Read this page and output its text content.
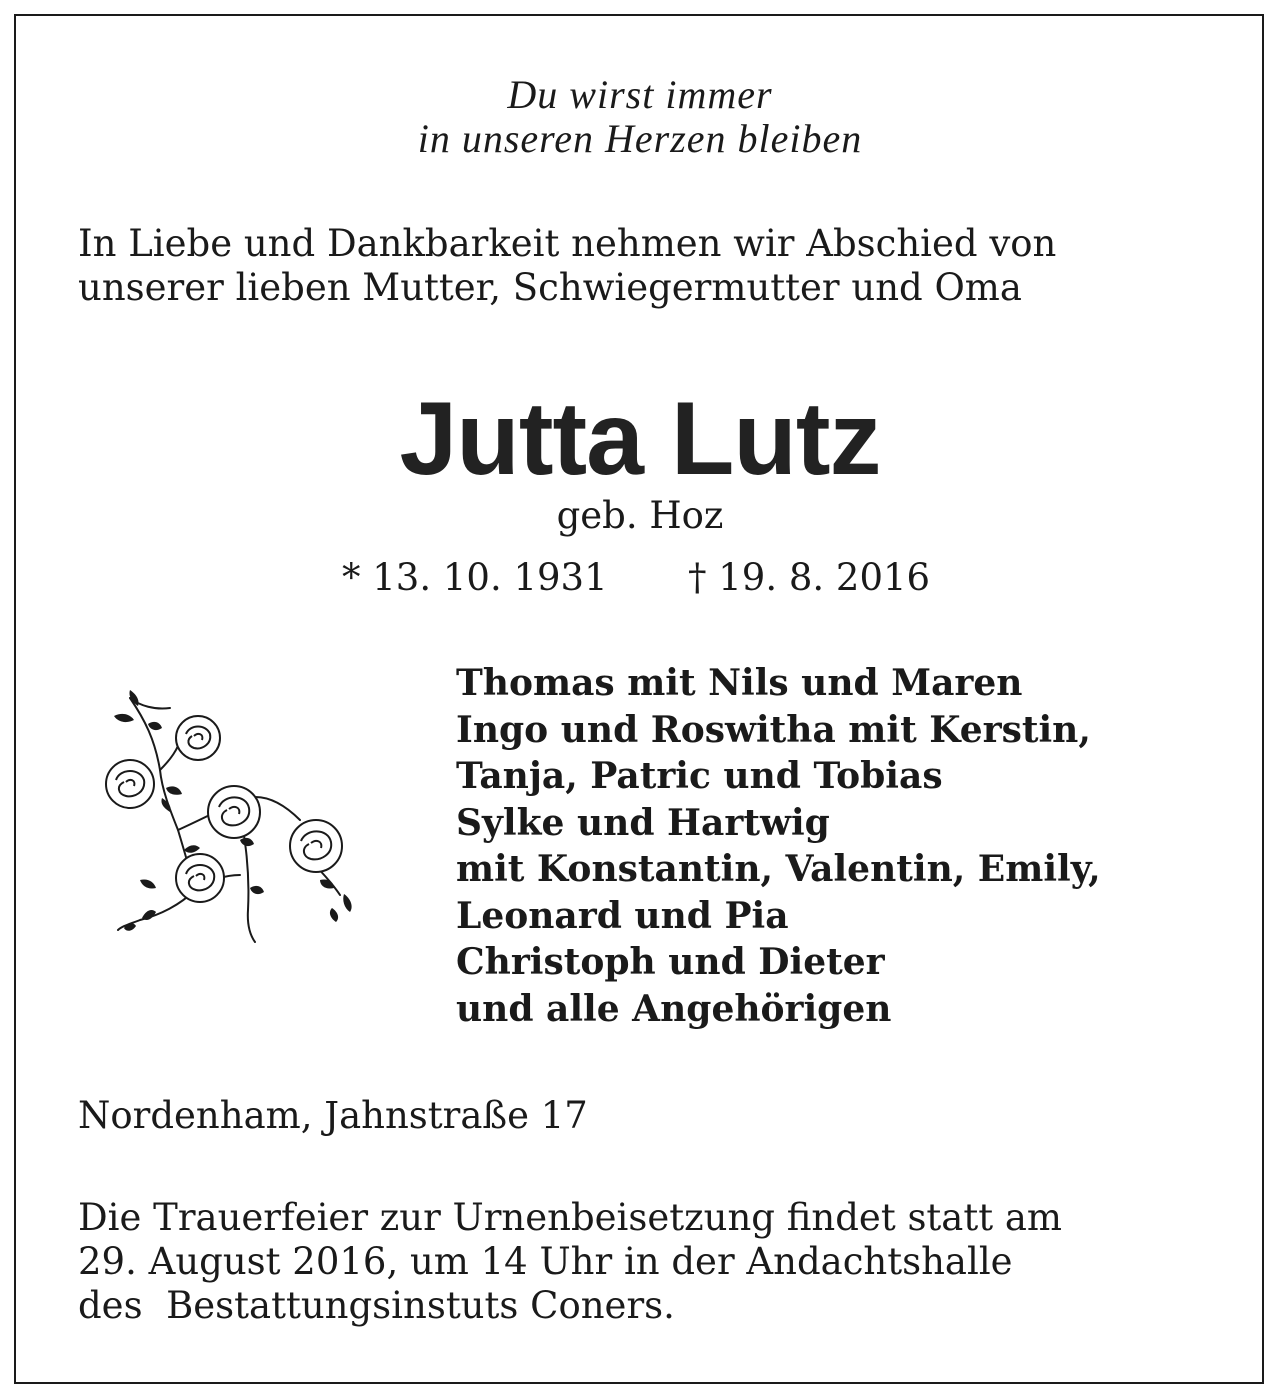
Du wirst immer
in unseren Herzen bleiben
In Liebe und Dankbarkeit nehmen wir Abschied von
unserer lieben Mutter, Schwiegermutter und Oma
Jutta Lutz
geb. Hoz
* 13. 10. 1931 † 19. 8. 2016
Thomas mit Nils und Maren
Ingo und Roswitha mit Kerstin,
Tanja, Patric und Tobias
Sylke und Hartwig
mit Konstantin, Valentin, Emily,
Leonard und Pia
Christoph und Dieter
und alle Angehörigen
Nordenham, Jahnstraße 17
Die Trauerfeier zur Urnenbeisetzung findet statt am
29. August 2016, um 14 Uhr in der Andachtshalle
des  Bestattungsinstuts Coners.
